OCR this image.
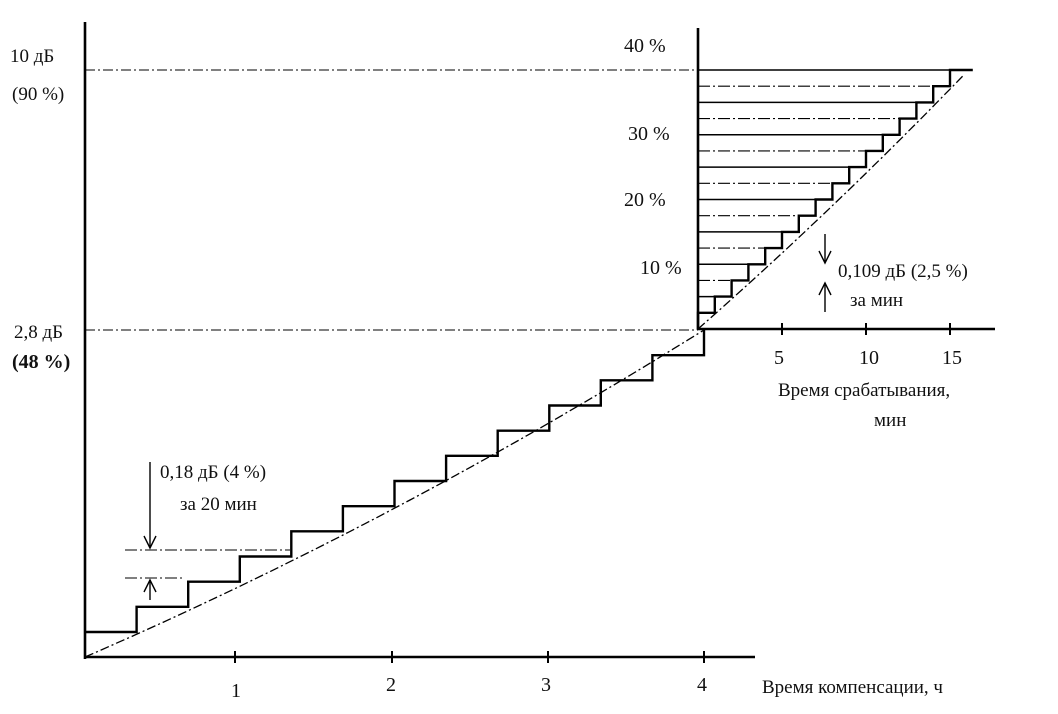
1	2	3	4	Время компенсации, ч
10 дБ
(90 %)
2,8 дБ
(48 %)
0,18 дБ (4 %)
за 20 мин
5	10	15
10 %
20 %
30 %
40 %
Время срабатывания,
мин
0,109 дБ (2,5 %)
за мин
